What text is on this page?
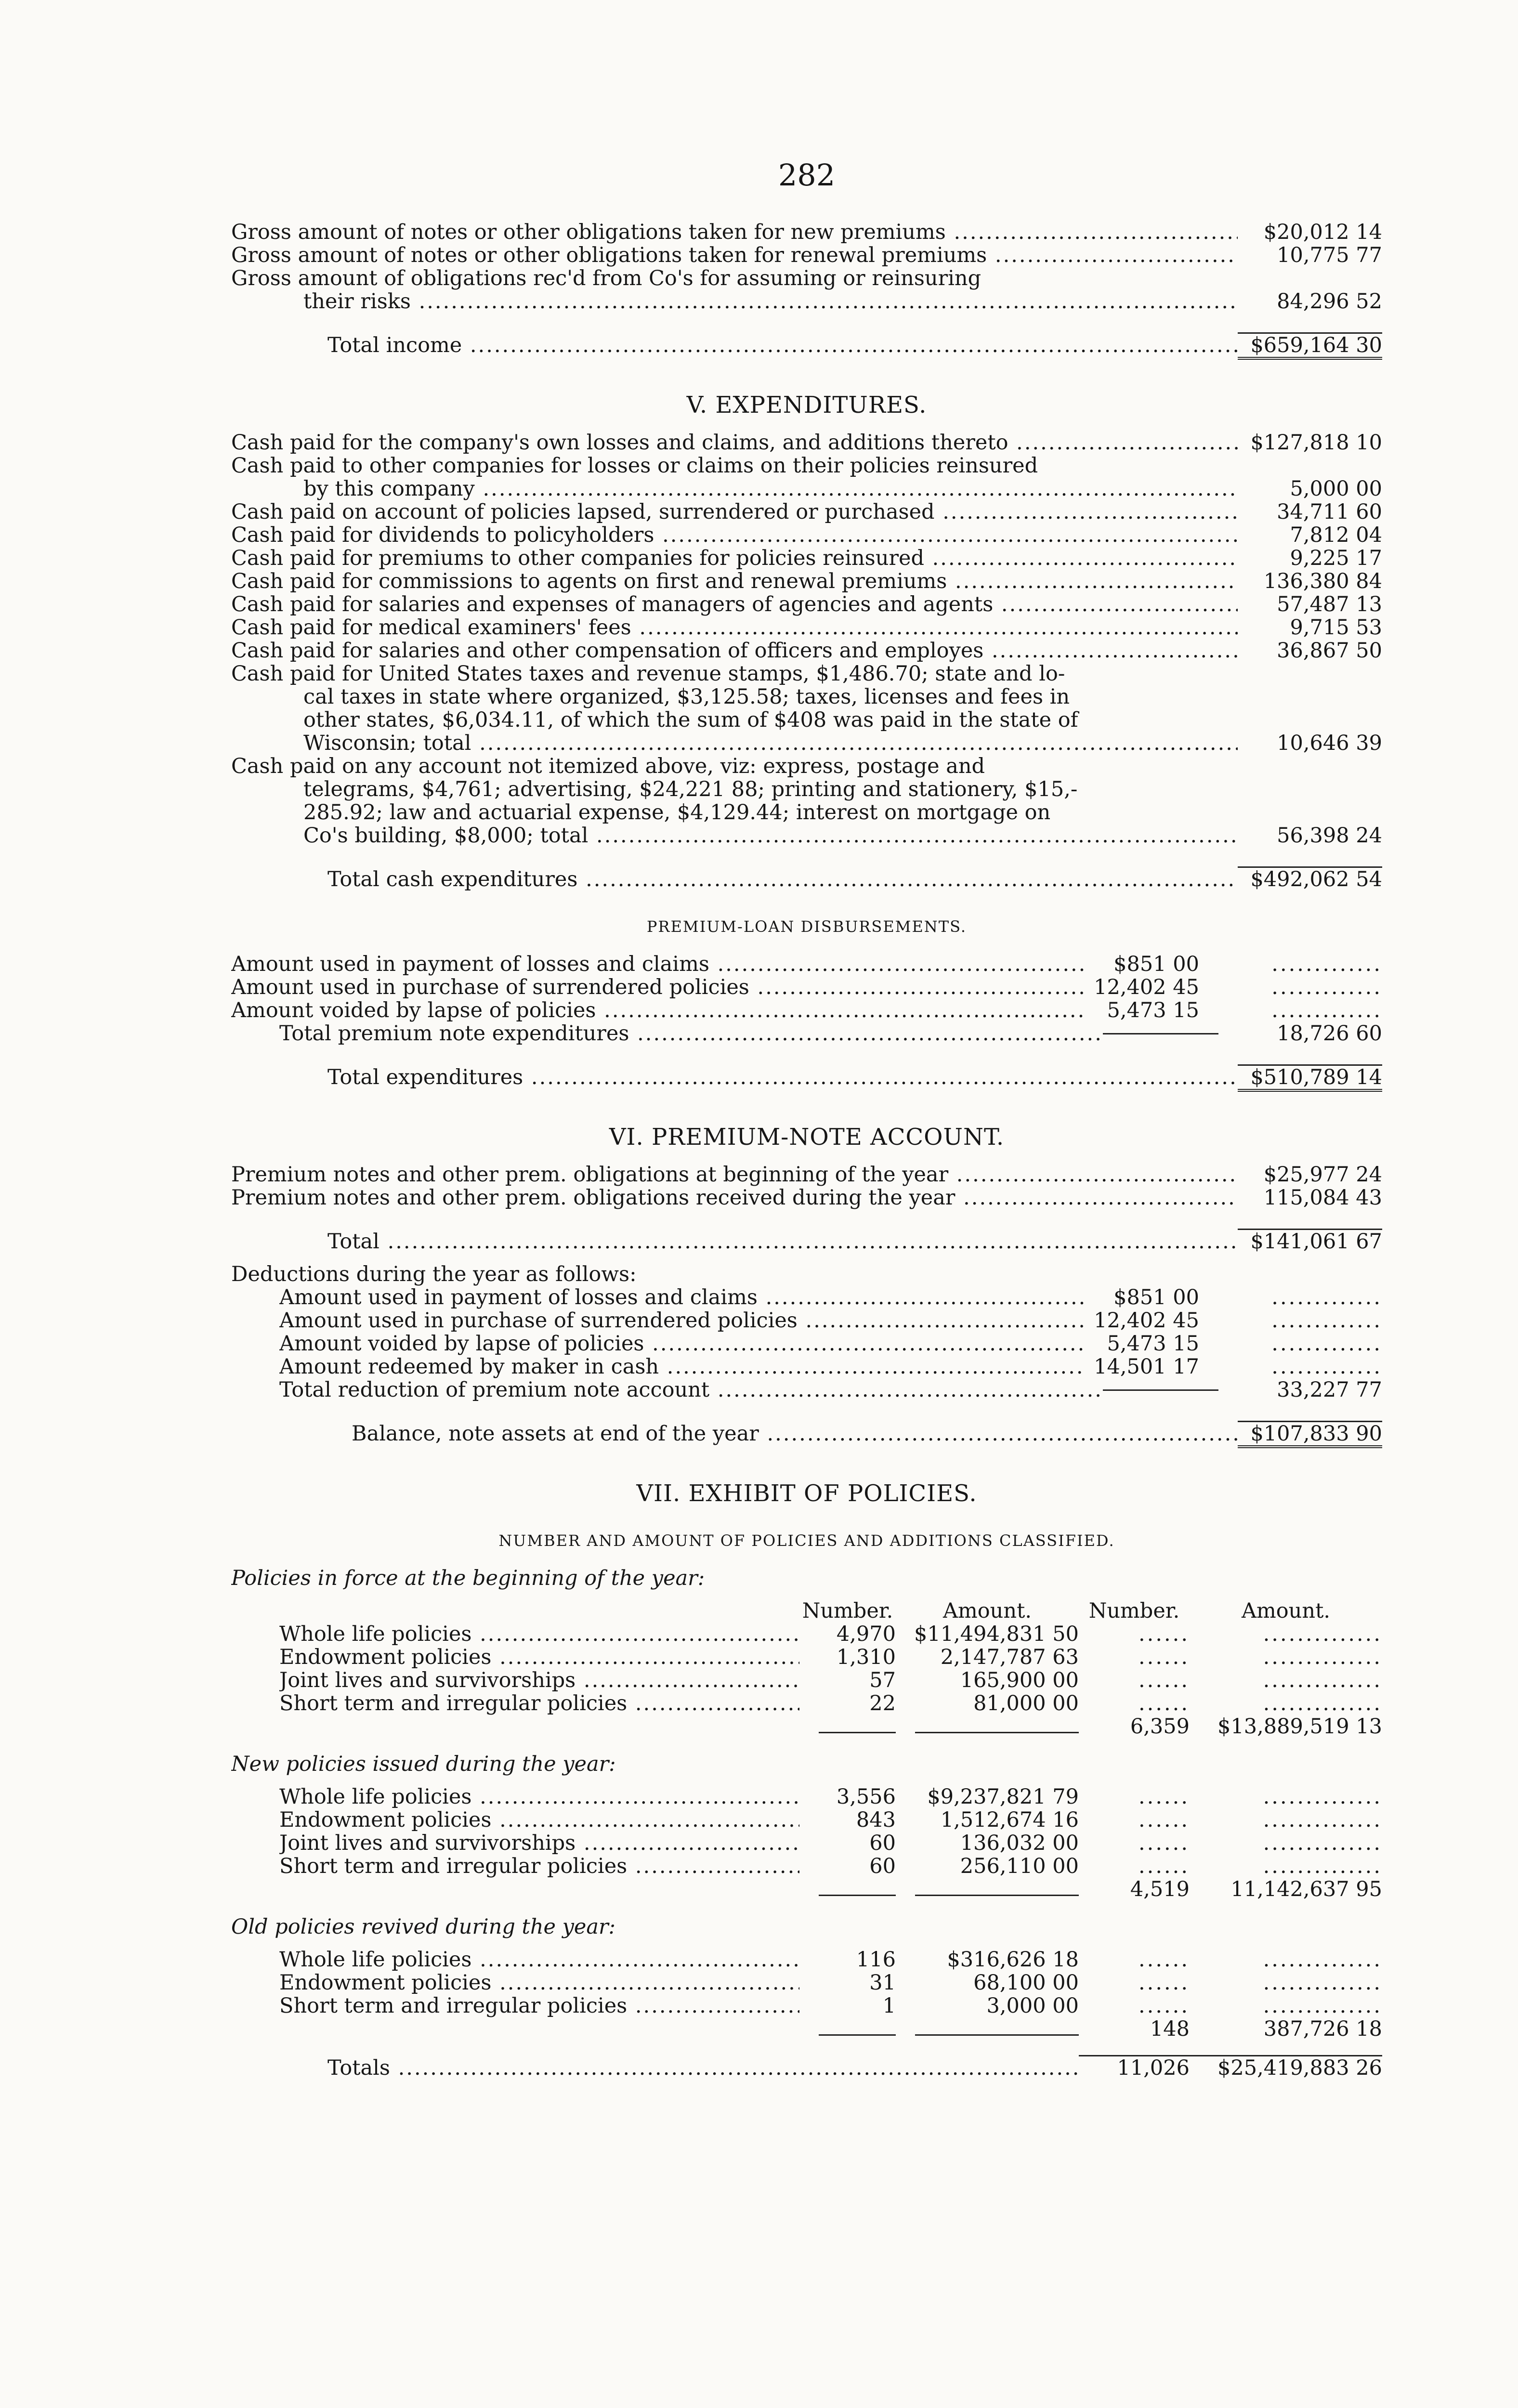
282
Gross amount of notes or other obligations taken for new premiums .....	$20,012 14
Gross amount of notes or other obligations taken for renewal premiums .....	10,775 77
Gross amount of obligations rec'd from Co's for assuming or reinsuring
their risks .....	84,296 52
Total income .....	$659,164 30
V. EXPENDITURES.
Cash paid for the company's own losses and claims, and additions thereto .....	$127,818 10
Cash paid to other companies for losses or claims on their policies reinsured
by this company .....	5,000 00
Cash paid on account of policies lapsed, surrendered or purchased .....	34,711 60
Cash paid for dividends to policyholders .....	7,812 04
Cash paid for premiums to other companies for policies reinsured .....	9,225 17
Cash paid for commissions to agents on first and renewal premiums .....	136,380 84
Cash paid for salaries and expenses of managers of agencies and agents .....	57,487 13
Cash paid for medical examiners' fees .....	9,715 53
Cash paid for salaries and other compensation of officers and employes .....	36,867 50
Cash paid for United States taxes and revenue stamps, $1,486.70; state and lo-
cal taxes in state where organized, $3,125.58; taxes, licenses and fees in
other states, $6,034.11, of which the sum of $408 was paid in the state of
Wisconsin; total .....	10,646 39
Cash paid on any account not itemized above, viz: express, postage and
telegrams, $4,761; advertising, $24,221 88; printing and stationery, $15,-
285.92; law and actuarial expense, $4,129.44; interest on mortgage on
Co's building, $8,000; total .....	56,398 24
Total cash expenditures .....	$492,062 54
PREMIUM-LOAN DISBURSEMENTS.
Amount used in payment of losses and claims .....	$851 00	.............
Amount used in purchase of surrendered policies .....	12,402 45	.............
Amount voided by lapse of policies .....	5,473 15	.............
Total premium note expenditures .....	18,726 60
Total expenditures .....	$510,789 14
VI. PREMIUM-NOTE ACCOUNT.
Premium notes and other prem. obligations at beginning of the year .....	$25,977 24
Premium notes and other prem. obligations received during the year .....	115,084 43
Total .....	$141,061 67
Deductions during the year as follows:
Amount used in payment of losses and claims .....	$851 00	.............
Amount used in purchase of surrendered policies .....	12,402 45	.............
Amount voided by lapse of policies .....	5,473 15	.............
Amount redeemed by maker in cash .....	14,501 17	.............
Total reduction of premium note account .....	33,227 77
Balance, note assets at end of the year .....	$107,833 90
VII. EXHIBIT OF POLICIES.
NUMBER AND AMOUNT OF POLICIES AND ADDITIONS CLASSIFIED.
Policies in force at the beginning of the year:
Number.	Amount.	Number.	Amount.
Whole life policies .....	4,970 $11,494,831 50	......	..............
Endowment policies .....	1,310	2,147,787 63	......	..............
Joint lives and survivorships .....	57	165,900 00	......	..............
Short term and irregular policies .....	22	81,000 00	......	..............
6,359	$13,889,519 13
New policies issued during the year:
Whole life policies .....	3,556	$9,237,821 79	......	..............
Endowment policies .....	843	1,512,674 16	......	..............
Joint lives and survivorships .....	60	136,032 00	......	..............
Short term and irregular policies .....	60	256,110 00	......	..............
4,519	11,142,637 95
Old policies revived during the year:
Whole life policies .....	116	$316,626 18	......	..............
Endowment policies .....	31	68,100 00	......	..............
Short term and irregular policies .....	1	3,000 00	......	..............
148	387,726 18
Totals .....	11,026	$25,419,883 26
